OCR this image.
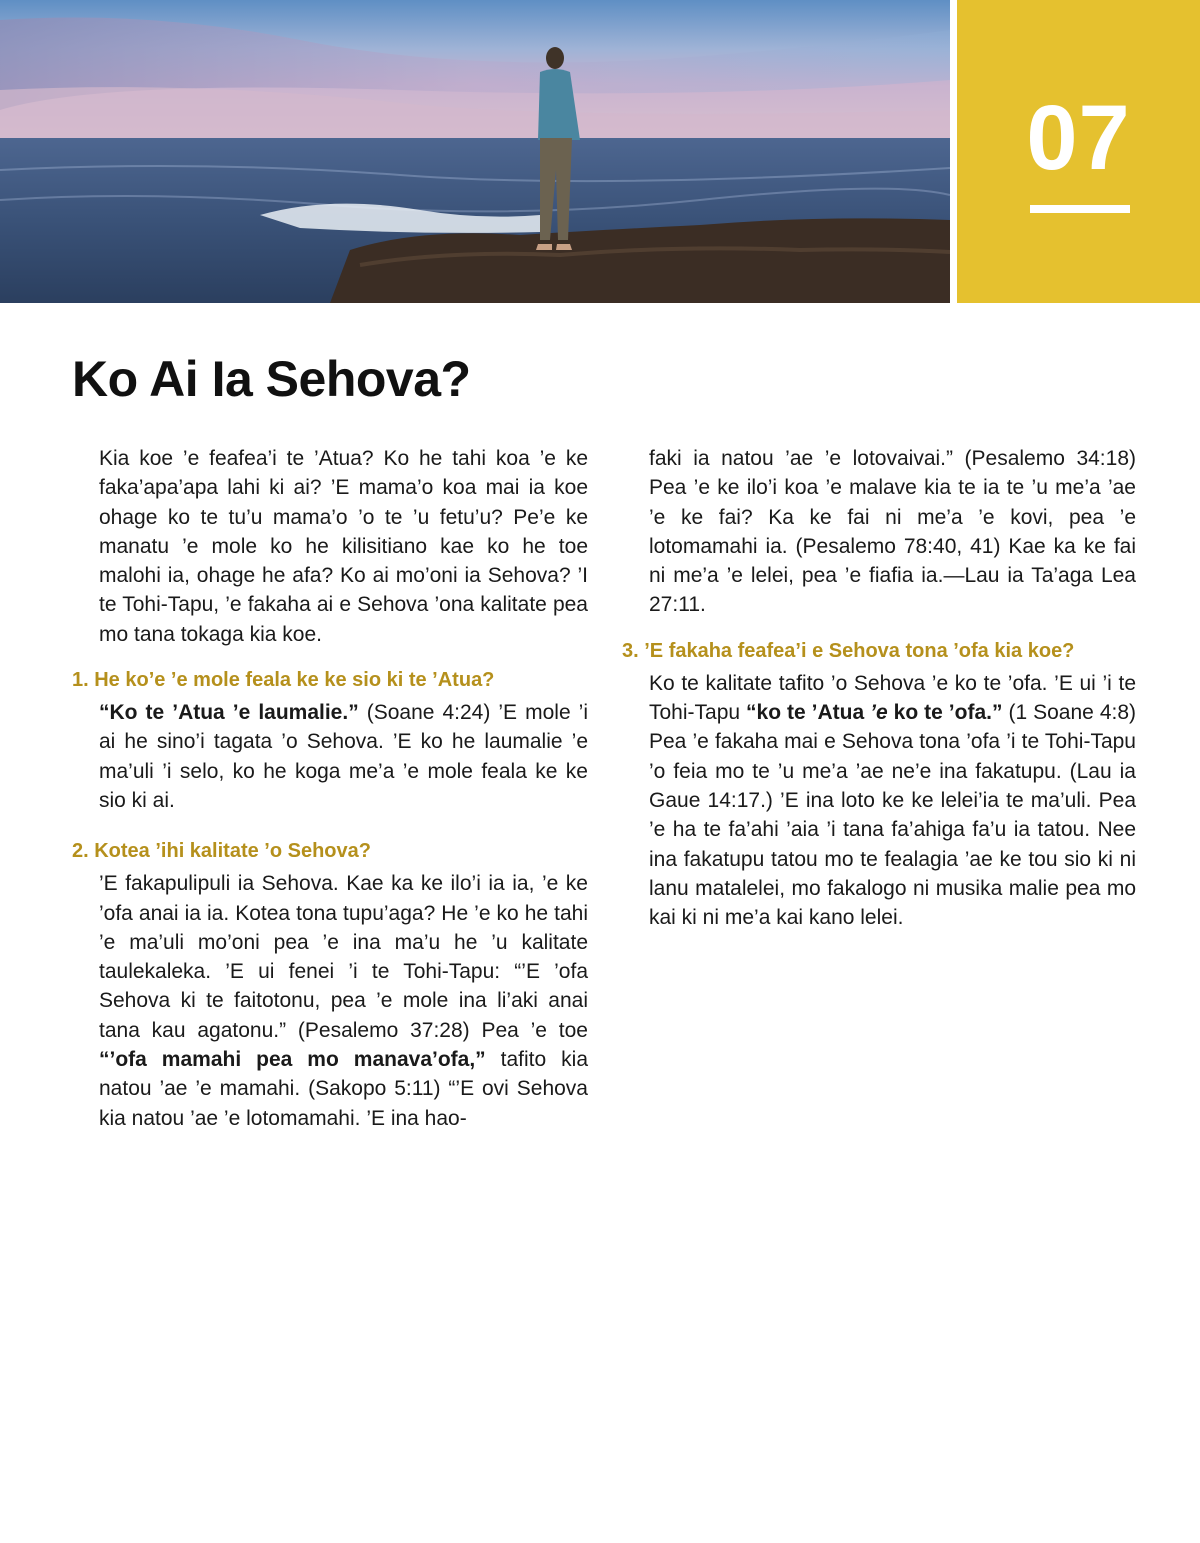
07
Ko Ai Ia Sehova?

Kia koe ’e feafea’i te ’Atua? Ko he tahi koa ’e ke faka’apa’apa lahi ki ai? ’E mama’o koa mai ia koe ohage ko te tu’u mama’o ’o te ’u fetu’u? Pe’e ke manatu ’e mole ko he kilisitiano kae ko he toe malohi ia, ohage he afa? Ko ai mo’oni ia Sehova? ’I te Tohi-Tapu, ’e fakaha ai e Sehova ’ona kalitate pea mo tana tokaga kia koe.

1. He ko’e ’e mole feala ke ke sio ki te ’Atua?

“Ko te ’Atua ’e laumalie.” (Soane 4:24) ’E mole ’i ai he sino’i tagata ’o Sehova. ’E ko he laumalie ’e ma’uli ’i selo, ko he koga me’a ’e mole feala ke ke sio ki ai.

2. Kotea ’ihi kalitate ’o Sehova?

’E fakapulipuli ia Sehova. Kae ka ke ilo’i ia ia, ’e ke ’ofa anai ia ia. Kotea tona tupu’aga? He ’e ko he tahi ’e ma’uli mo’oni pea ’e ina ma’u he ’u kalitate taulekaleka. ’E ui fenei ’i te Tohi-Tapu: “’E ’ofa Sehova ki te faitotonu, pea ’e mole ina li’aki anai tana kau agatonu.” (Pesalemo 37:28) Pea ’e toe “’ofa mamahi pea mo manava’ofa,” tafito kia natou ’ae ’e mamahi. (Sakopo 5:11) “’E ovi Sehova kia natou ’ae ’e lotomamahi. ’E ina hao-

faki ia natou ’ae ’e lotovaivai.” (Pesalemo 34:18) Pea ’e ke ilo’i koa ’e malave kia te ia te ’u me’a ’ae ’e ke fai? Ka ke fai ni me’a ’e kovi, pea ’e lotomamahi ia. (Pesalemo 78:40, 41) Kae ka ke fai ni me’a ’e lelei, pea ’e fiafia ia.—Lau ia Ta’aga Lea 27:11.

3. ’E fakaha feafea’i e Sehova tona ’ofa kia koe?

Ko te kalitate tafito ’o Sehova ’e ko te ’ofa. ’E ui ’i te Tohi-Tapu “ko te ’Atua ’e ko te ’ofa.” (1 Soane 4:8) Pea ’e fakaha mai e Sehova tona ’ofa ’i te Tohi-Tapu ’o feia mo te ’u me’a ’ae ne’e ina fakatupu. (Lau ia Gaue 14:17.) ’E ina loto ke ke lelei’ia te ma’uli. Pea ’e ha te fa’ahi ’aia ’i tana fa’ahiga fa’u ia tatou. Nee ina fakatupu tatou mo te fealagia ’ae ke tou sio ki ni lanu matalelei, mo fakalogo ni musika malie pea mo kai ki ni me’a kai kano lelei.
